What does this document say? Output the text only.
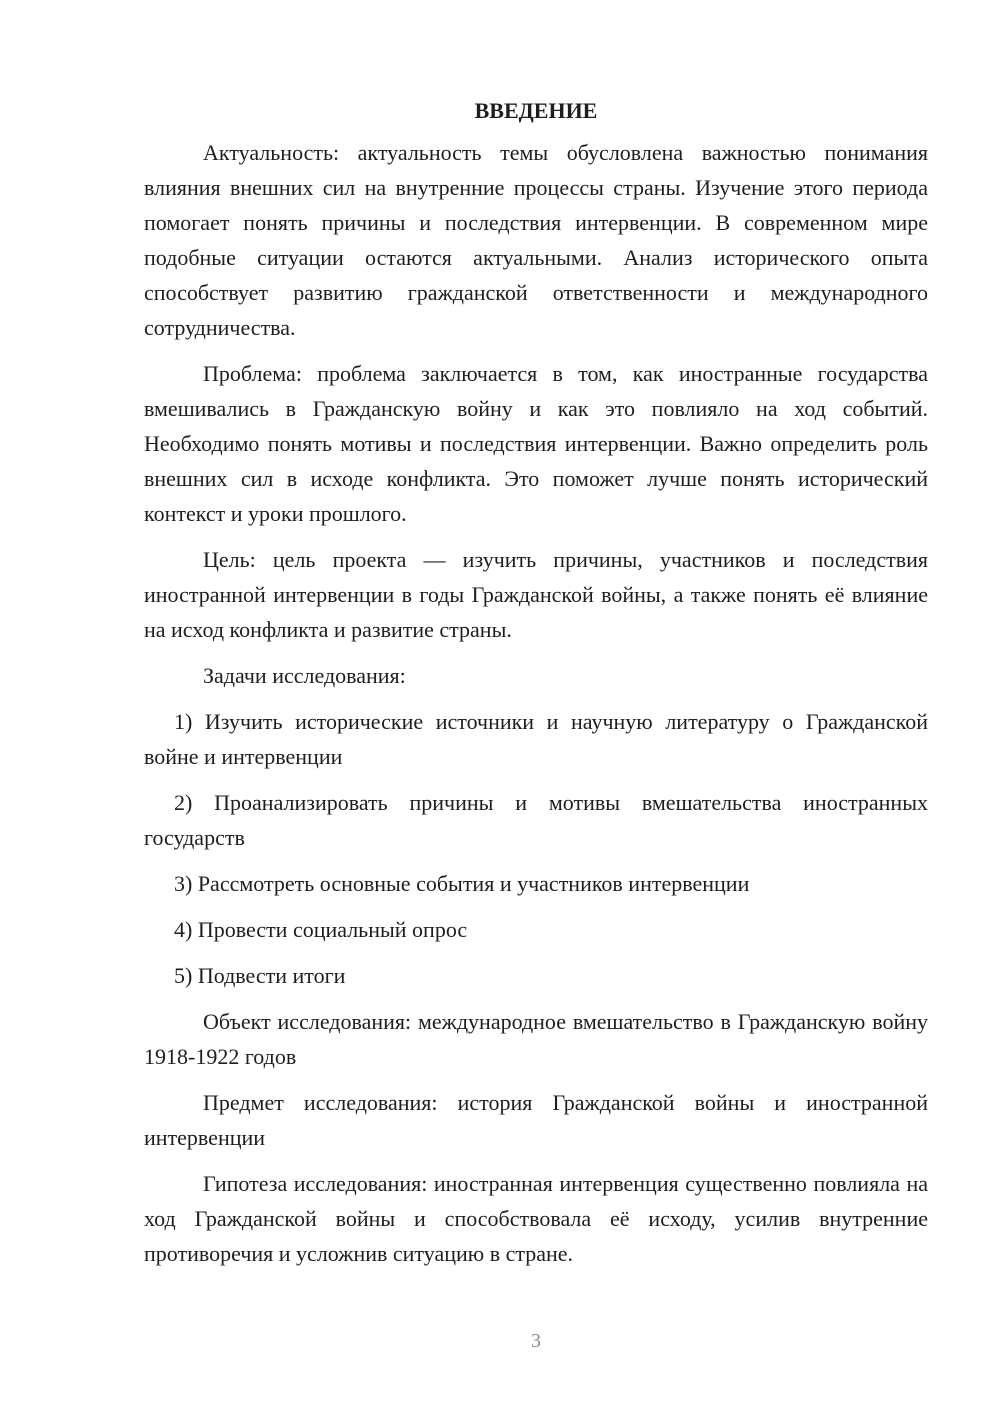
ВВЕДЕНИЕ

Актуальность: актуальность темы обусловлена важностью понимания влияния внешних сил на внутренние процессы страны. Изучение этого периода помогает понять причины и последствия интервенции. В современном мире подобные ситуации остаются актуальными. Анализ исторического опыта способствует развитию гражданской ответственности и международного сотрудничества.

Проблема: проблема заключается в том, как иностранные государства вмешивались в Гражданскую войну и как это повлияло на ход событий. Необходимо понять мотивы и последствия интервенции. Важно определить роль внешних сил в исходе конфликта. Это поможет лучше понять исторический контекст и уроки прошлого.

Цель: цель проекта — изучить причины, участников и последствия иностранной интервенции в годы Гражданской войны, а также понять её влияние на исход конфликта и развитие страны.

Задачи исследования:

1) Изучить исторические источники и научную литературу о Гражданской войне и интервенции

2) Проанализировать причины и мотивы вмешательства иностранных государств

3) Рассмотреть основные события и участников интервенции

4) Провести социальный опрос

5) Подвести итоги

Объект исследования: международное вмешательство в Гражданскую войну 1918-1922 годов

Предмет исследования: история Гражданской войны и иностранной интервенции

Гипотеза исследования: иностранная интервенция существенно повлияла на ход Гражданской войны и способствовала её исходу, усилив внутренние противоречия и усложнив ситуацию в стране.

3
